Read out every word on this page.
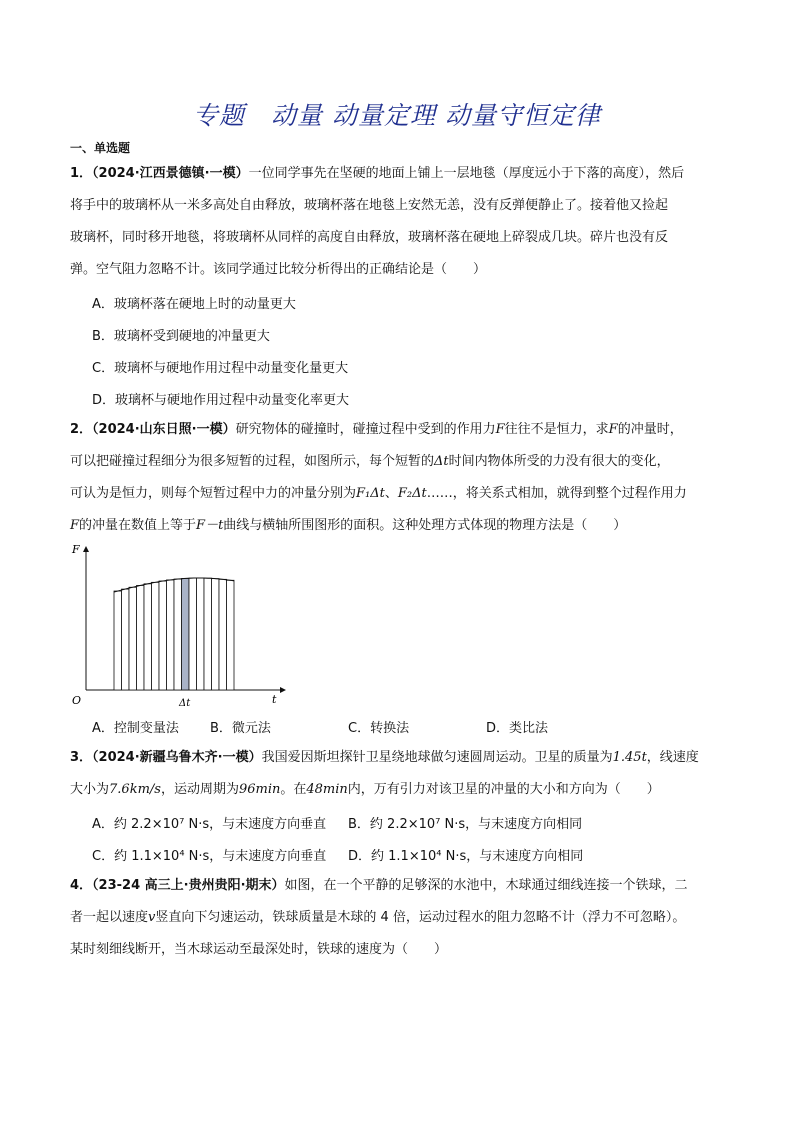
专题　动量 动量定理 动量守恒定律
一、单选题
1．（2024·江西景德镇·一模）一位同学事先在坚硬的地面上铺上一层地毯（厚度远小于下落的高度），然后
将手中的玻璃杯从一米多高处自由释放，玻璃杯落在地毯上安然无恙，没有反弹便静止了。接着他又捡起
玻璃杯，同时移开地毯，将玻璃杯从同样的高度自由释放，玻璃杯落在硬地上碎裂成几块。碎片也没有反
弹。空气阻力忽略不计。该同学通过比较分析得出的正确结论是（　　）
A．玻璃杯落在硬地上时的动量更大
B．玻璃杯受到硬地的冲量更大
C．玻璃杯与硬地作用过程中动量变化量更大
D．玻璃杯与硬地作用过程中动量变化率更大
2．（2024·山东日照·一模）研究物体的碰撞时，碰撞过程中受到的作用力F往往不是恒力，求F的冲量时，
可以把碰撞过程细分为很多短暂的过程，如图所示，每个短暂的Δt时间内物体所受的力没有很大的变化，
可认为是恒力，则每个短暂过程中力的冲量分别为F₁Δt、F₂Δt……，将关系式相加，就得到整个过程作用力
F的冲量在数值上等于F－t曲线与横轴所围图形的面积。这种处理方式体现的物理方法是（　　）
F
t
O	Δt
A．控制变量法 B．微元法	C．转换法	D．类比法
3．（2024·新疆乌鲁木齐·一模）我国爱因斯坦探针卫星绕地球做匀速圆周运动。卫星的质量为1.45t，线速度
大小为7.6km/s，运动周期为96min。在48min内，万有引力对该卫星的冲量的大小和方向为（　　）
A．约 2.2×10⁷ N·s，与末速度方向垂直 B．约 2.2×10⁷ N·s，与末速度方向相同
C．约 1.1×10⁴ N·s，与末速度方向垂直 D．约 1.1×10⁴ N·s，与末速度方向相同
4．（23-24 高三上·贵州贵阳·期末）如图，在一个平静的足够深的水池中，木球通过细线连接一个铁球，二
者一起以速度v竖直向下匀速运动，铁球质量是木球的 4 倍，运动过程水的阻力忽略不计（浮力不可忽略）。
某时刻细线断开，当木球运动至最深处时，铁球的速度为（　　）
